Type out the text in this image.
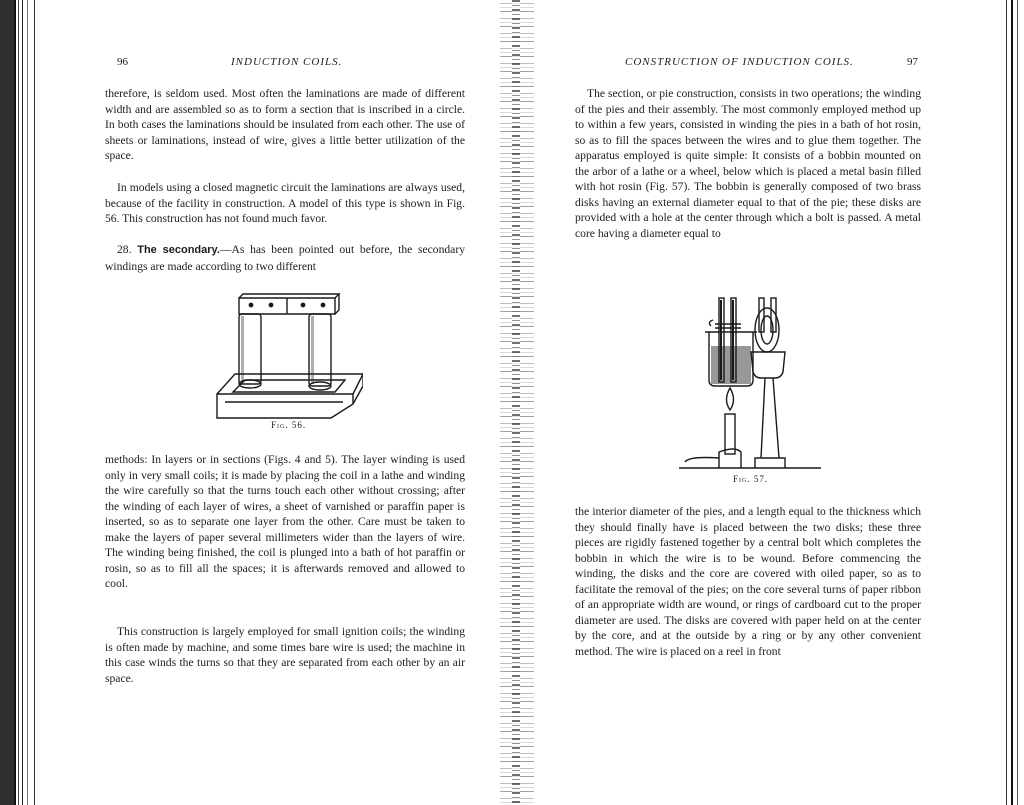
96	INDUCTION COILS.

therefore, is seldom used. Most often the laminations are made of different width and are assembled so as to form a section that is inscribed in a circle. In both cases the laminations should be insulated from each other. The use of sheets or laminations, instead of wire, gives a little better utilization of the space.

In models using a closed magnetic circuit the laminations are always used, because of the facility in construction. A model of this type is shown in Fig. 56. This construction has not found much favor.

28. The secondary.—As has been pointed out before, the secondary windings are made according to two different

Fig. 56.

methods: In layers or in sections (Figs. 4 and 5). The layer winding is used only in very small coils; it is made by placing the coil in a lathe and winding the wire carefully so that the turns touch each other without crossing; after the winding of each layer of wires, a sheet of varnished or paraffin paper is inserted, so as to separate one layer from the other. Care must be taken to make the layers of paper several millimeters wider than the layers of wire. The winding being finished, the coil is plunged into a bath of hot paraffin or rosin, so as to fill all the spaces; it is afterwards removed and allowed to cool.

This construction is largely employed for small ignition coils; the winding is often made by machine, and some times bare wire is used; the machine in this case winds the turns so that they are separated from each other by an air space.

CONSTRUCTION OF INDUCTION COILS.	97

The section, or pie construction, consists in two operations; the winding of the pies and their assembly. The most commonly employed method up to within a few years, consisted in winding the pies in a bath of hot rosin, so as to fill the spaces between the wires and to glue them together. The apparatus employed is quite simple: It consists of a bobbin mounted on the arbor of a lathe or a wheel, below which is placed a metal basin filled with hot rosin (Fig. 57). The bobbin is generally composed of two brass disks having an external diameter equal to that of the pie; these disks are provided with a hole at the center through which a bolt is passed. A metal core having a diameter equal to

Fig. 57.

the interior diameter of the pies, and a length equal to the thickness which they should finally have is placed between the two disks; these three pieces are rigidly fastened together by a central bolt which completes the bobbin in which the wire is to be wound. Before commencing the winding, the disks and the core are covered with oiled paper, so as to facilitate the removal of the pies; on the core several turns of paper ribbon of an appropriate width are wound, or rings of cardboard cut to the proper diameter are used. The disks are covered with paper held on at the center by the core, and at the outside by a ring or by any other convenient method. The wire is placed on a reel in front
